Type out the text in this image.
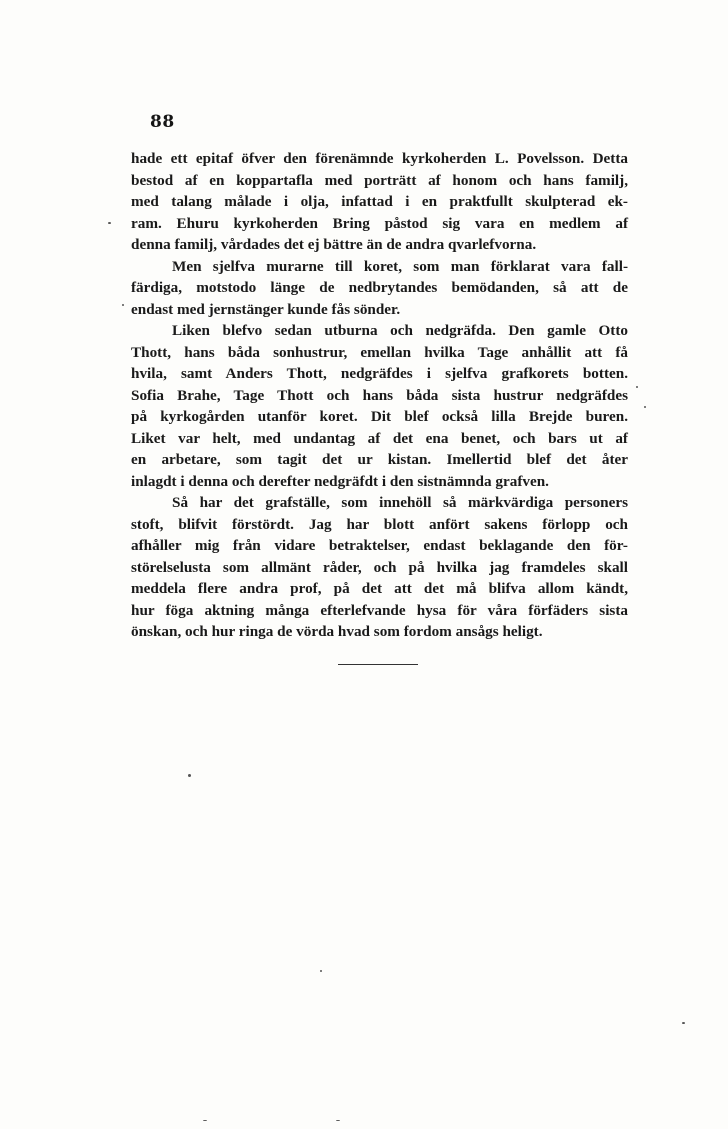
88
hade ett epitaf öfver den förenämnde kyrkoherden L. Povelsson. Detta
bestod af en koppartafla med porträtt af honom och hans familj,
med talang målade i olja, infattad i en praktfullt skulpterad ek-
ram. Ehuru kyrkoherden Bring påstod sig vara en medlem af
denna familj, vårdades det ej bättre än de andra qvarlefvorna.
Men sjelfva murarne till koret, som man förklarat vara fall-
färdiga, motstodo länge de nedbrytandes bemödanden, så att de
endast med jernstänger kunde fås sönder.
Liken blefvo sedan utburna och nedgräfda. Den gamle Otto
Thott, hans båda sonhustrur, emellan hvilka Tage anhållit att få
hvila, samt Anders Thott, nedgräfdes i sjelfva grafkorets botten.
Sofia Brahe, Tage Thott och hans båda sista hustrur nedgräfdes
på kyrkogården utanför koret. Dit blef också lilla Brejde buren.
Liket var helt, med undantag af det ena benet, och bars ut af
en arbetare, som tagit det ur kistan. Imellertid blef det åter
inlagdt i denna och derefter nedgräfdt i den sistnämnda grafven.
Så har det grafställe, som innehöll så märkvärdiga personers
stoft, blifvit förstördt. Jag har blott anfört sakens förlopp och
afhåller mig från vidare betraktelser, endast beklagande den för-
störelselusta som allmänt råder, och på hvilka jag framdeles skall
meddela flere andra prof, på det att det må blifva allom kändt,
hur föga aktning många efterlefvande hysa för våra förfäders sista
önskan, och hur ringa de vörda hvad som fordom ansågs heligt.
